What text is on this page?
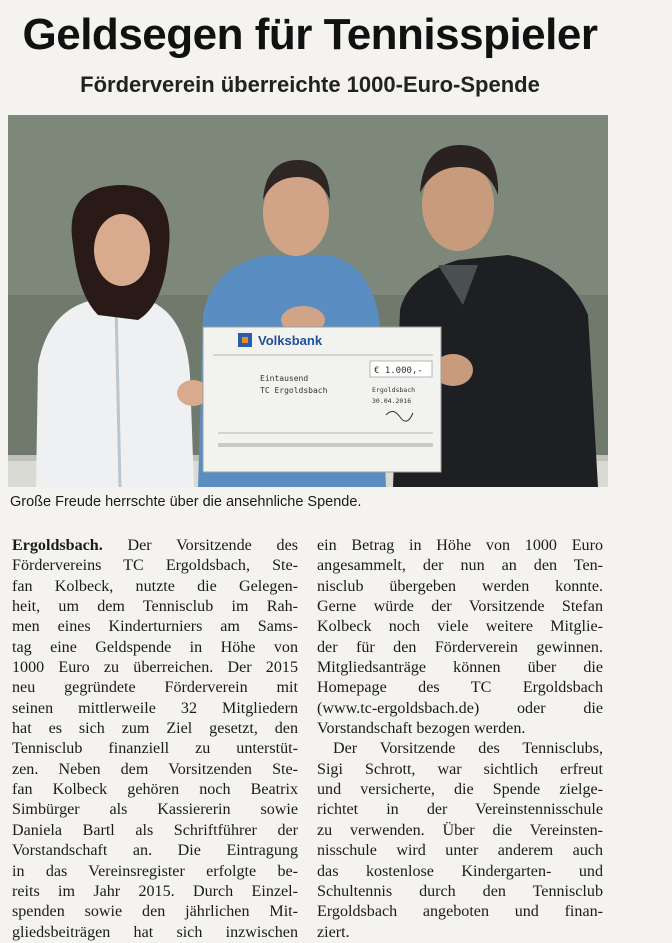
Geldsegen für Tennisspieler
Förderverein überreichte 1000-Euro-Spende
Volksbank
€ 1.000,-
Eintausend
TC Ergoldsbach	Ergoldsbach
30.04.2016
Große Freude herrschte über die ansehnliche Spende.
Ergoldsbach. Der Vorsitzende des
Fördervereins TC Ergoldsbach, Ste-
fan Kolbeck, nutzte die Gelegen-
heit, um dem Tennisclub im Rah-
men eines Kinderturniers am Sams-
tag eine Geldspende in Höhe von
1000 Euro zu überreichen. Der 2015
neu gegründete Förderverein mit
seinen mittlerweile 32 Mitgliedern
hat es sich zum Ziel gesetzt, den
Tennisclub finanziell zu unterstüt-
zen. Neben dem Vorsitzenden Ste-
fan Kolbeck gehören noch Beatrix
Simbürger als Kassiererin sowie
Daniela Bartl als Schriftführer der
Vorstandschaft an. Die Eintragung
in das Vereinsregister erfolgte be-
reits im Jahr 2015. Durch Einzel-
spenden sowie den jährlichen Mit-
gliedsbeiträgen hat sich inzwischen
ein Betrag in Höhe von 1000 Euro
angesammelt, der nun an den Ten-
nisclub übergeben werden konnte.
Gerne würde der Vorsitzende Stefan
Kolbeck noch viele weitere Mitglie-
der für den Förderverein gewinnen.
Mitgliedsanträge können über die
Homepage des TC Ergoldsbach
(www.tc-ergoldsbach.de) oder die
Vorstandschaft bezogen werden.
Der Vorsitzende des Tennisclubs,
Sigi Schrott, war sichtlich erfreut
und versicherte, die Spende zielge-
richtet in der Vereinstennisschule
zu verwenden. Über die Vereinsten-
nisschule wird unter anderem auch
das kostenlose Kindergarten- und
Schultennis durch den Tennisclub
Ergoldsbach angeboten und finan-
ziert.
